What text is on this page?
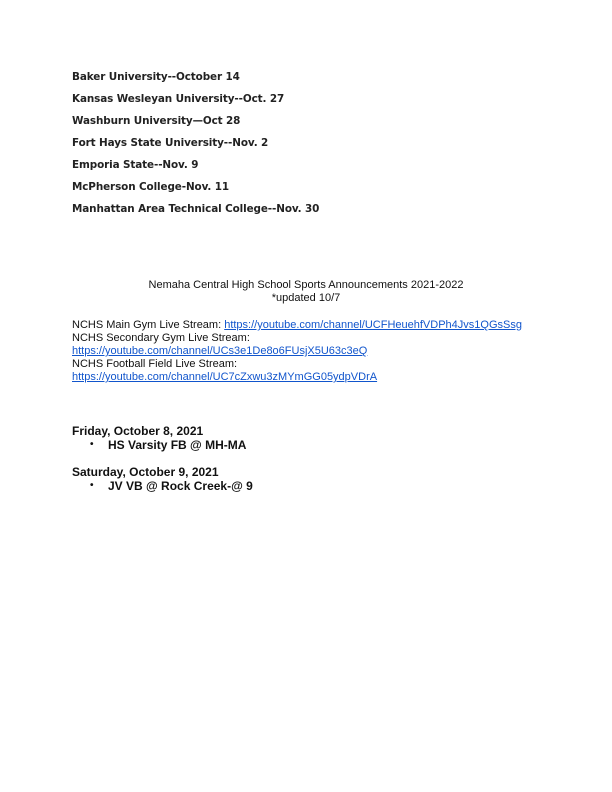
Baker University--October 14
Kansas Wesleyan University--Oct. 27
Washburn University—Oct 28
Fort Hays State University--Nov. 2
Emporia State--Nov. 9
McPherson College-Nov. 11
Manhattan Area Technical College--Nov. 30
Nemaha Central High School Sports Announcements 2021-2022
*updated 10/7
NCHS Main Gym Live Stream: https://youtube.com/channel/UCFHeuehfVDPh4Jvs1QGsSsg
NCHS Secondary Gym Live Stream:
https://youtube.com/channel/UCs3e1De8o6FUsjX5U63c3eQ
NCHS Football Field Live Stream:
https://youtube.com/channel/UC7cZxwu3zMYmGG05ydpVDrA
Friday, October 8, 2021
• HS Varsity FB @ MH-MA
Saturday, October 9, 2021
• JV VB @ Rock Creek-@ 9
